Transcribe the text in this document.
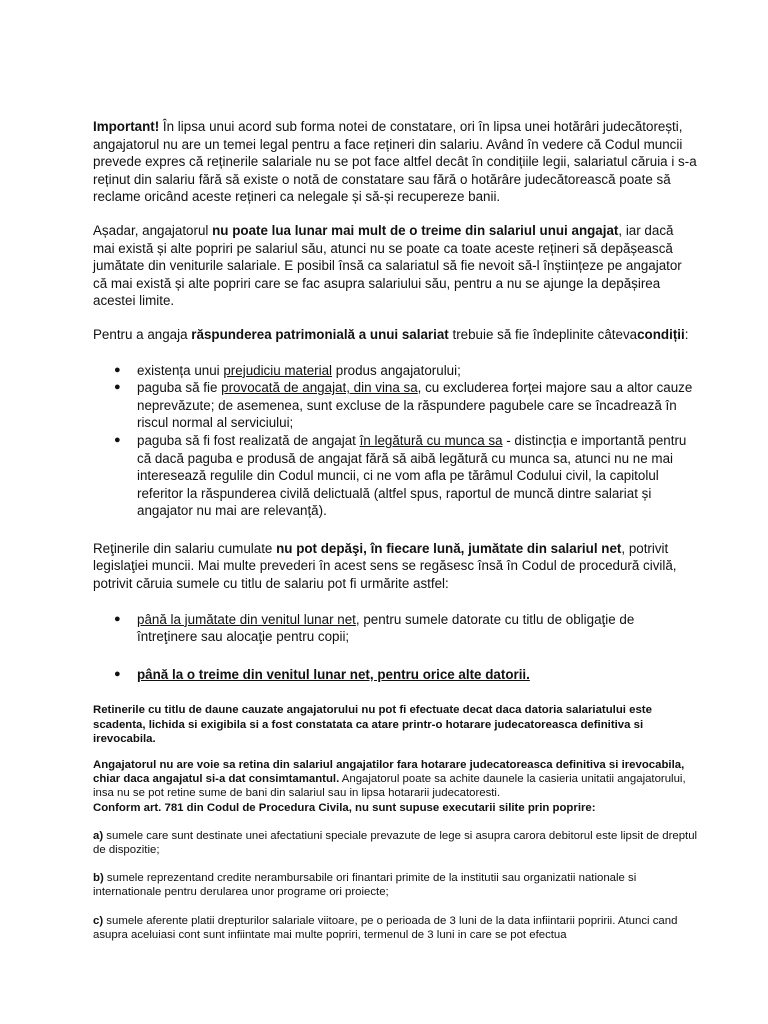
Important! În lipsa unui acord sub forma notei de constatare, ori în lipsa unei hotărâri judecătorești, angajatorul nu are un temei legal pentru a face rețineri din salariu. Având în vedere că Codul muncii prevede expres că reținerile salariale nu se pot face altfel decât în condițiile legii, salariatul căruia i s-a reținut din salariu fără să existe o notă de constatare sau fără o hotărâre judecătorească poate să reclame oricând aceste rețineri ca nelegale și să-și recupereze banii.

Așadar, angajatorul nu poate lua lunar mai mult de o treime din salariul unui angajat, iar dacă mai există și alte popriri pe salariul său, atunci nu se poate ca toate aceste rețineri să depășească jumătate din veniturile salariale. E posibil însă ca salariatul să fie nevoit să-l înștiințeze pe angajator că mai există și alte popriri care se fac asupra salariului său, pentru a nu se ajunge la depășirea acestei limite.

Pentru a angaja răspunderea patrimonială a unui salariat trebuie să fie îndeplinite câtevacondiții:

● existența unui prejudiciu material produs angajatorului;
● paguba să fie provocată de angajat, din vina sa, cu excluderea forței majore sau a altor cauze neprevăzute; de asemenea, sunt excluse de la răspundere pagubele care se încadrează în riscul normal al serviciului;
● paguba să fi fost realizată de angajat în legătură cu munca sa - distincția e importantă pentru că dacă paguba e produsă de angajat fără să aibă legătură cu munca sa, atunci nu ne mai interesează regulile din Codul muncii, ci ne vom afla pe tărâmul Codului civil, la capitolul referitor la răspunderea civilă delictuală (altfel spus, raportul de muncă dintre salariat și angajator nu mai are relevanță).

Reţinerile din salariu cumulate nu pot depăşi, în fiecare lună, jumătate din salariul net, potrivit legislaţiei muncii. Mai multe prevederi în acest sens se regăsesc însă în Codul de procedură civilă, potrivit căruia sumele cu titlu de salariu pot fi urmărite astfel:

● până la jumătate din venitul lunar net, pentru sumele datorate cu titlu de obligaţie de întreţinere sau alocaţie pentru copii;
● până la o treime din venitul lunar net, pentru orice alte datorii.

Retinerile cu titlu de daune cauzate angajatorului nu pot fi efectuate decat daca datoria salariatului este scadenta, lichida si exigibila si a fost constatata ca atare printr-o hotarare judecatoreasca definitiva si irevocabila.

Angajatorul nu are voie sa retina din salariul angajatilor fara hotarare judecatoreasca definitiva si irevocabila, chiar daca angajatul si-a dat consimtamantul. Angajatorul poate sa achite daunele la casieria unitatii angajatorului, insa nu se pot retine sume de bani din salariul sau in lipsa hotararii judecatoresti.

Conform art. 781 din Codul de Procedura Civila, nu sunt supuse executarii silite prin poprire:

a) sumele care sunt destinate unei afectatiuni speciale prevazute de lege si asupra carora debitorul este lipsit de dreptul de dispozitie;

b) sumele reprezentand credite nerambursabile ori finantari primite de la institutii sau organizatii nationale si internationale pentru derularea unor programe ori proiecte;

c) sumele aferente platii drepturilor salariale viitoare, pe o perioada de 3 luni de la data infiintarii popririi. Atunci cand asupra aceluiasi cont sunt infiintate mai multe popriri, termenul de 3 luni in care se pot efectua
